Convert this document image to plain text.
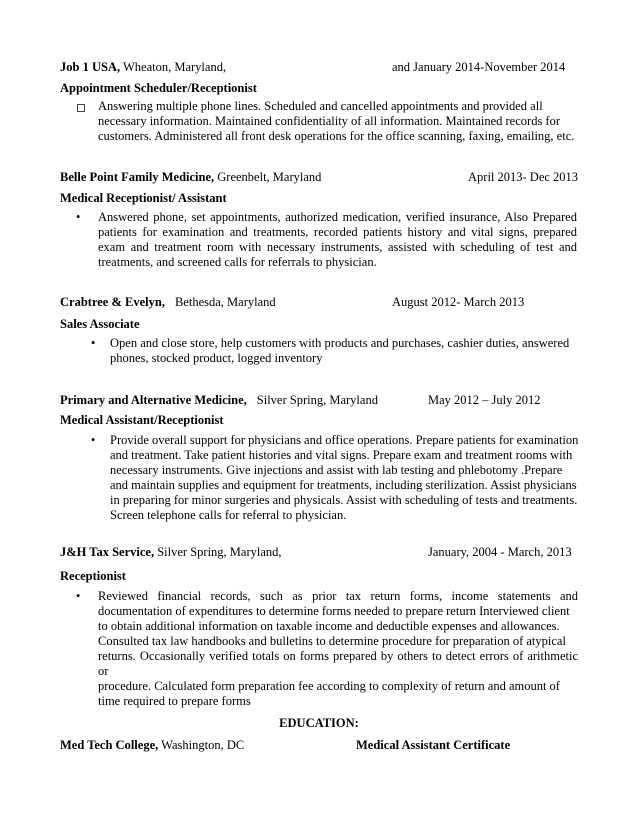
Job 1 USA, Wheaton, Maryland,	and January 2014-November 2014
Appointment Scheduler/Receptionist
Answering multiple phone lines. Scheduled and cancelled appointments and provided all
necessary information. Maintained confidentiality of all information. Maintained records for
customers. Administered all front desk operations for the office scanning, faxing, emailing, etc.
Belle Point Family Medicine, Greenbelt, Maryland	April 2013- Dec 2013
Medical Receptionist/ Assistant
• Answered phone, set appointments, authorized medication, verified insurance, Also Prepared
patients for examination and treatments, recorded patients history and vital signs, prepared
exam and treatment room with necessary instruments, assisted with scheduling of test and
treatments, and screened calls for referrals to physician.
Crabtree & Evelyn, Bethesda, Maryland	August 2012- March 2013
Sales Associate
• Open and close store, help customers with products and purchases, cashier duties, answered
phones, stocked product, logged inventory
Primary and Alternative Medicine, Silver Spring, Maryland	May 2012 – July 2012
Medical Assistant/Receptionist
• Provide overall support for physicians and office operations. Prepare patients for examination
and treatment. Take patient histories and vital signs. Prepare exam and treatment rooms with
necessary instruments. Give injections and assist with lab testing and phlebotomy .Prepare
and maintain supplies and equipment for treatments, including sterilization. Assist physicians
in preparing for minor surgeries and physicals. Assist with scheduling of tests and treatments.
Screen telephone calls for referral to physician.
J&H Tax Service, Silver Spring, Maryland,	January, 2004 - March, 2013
Receptionist
• Reviewed financial records, such as prior tax return forms, income statements and
documentation of expenditures to determine forms needed to prepare return Interviewed client
to obtain additional information on taxable income and deductible expenses and allowances.
Consulted tax law handbooks and bulletins to determine procedure for preparation of atypical
returns. Occasionally verified totals on forms prepared by others to detect errors of arithmetic or
procedure. Calculated form preparation fee according to complexity of return and amount of
time required to prepare forms
EDUCATION:
Med Tech College, Washington, DC	Medical Assistant Certificate
